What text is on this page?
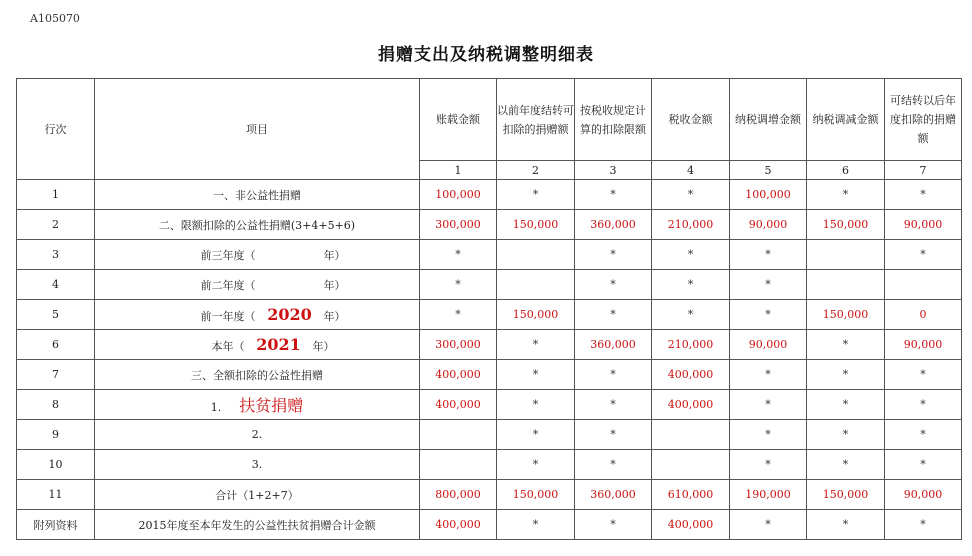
A105070
捐赠支出及纳税调整明细表
行次	项目	账载金额	以前年度结转可扣除的捐赠额	按税收规定计算的扣除限额	税收金额	纳税调增金额	纳税调减金额	可结转以后年度扣除的捐赠额
		1	2	3	4	5	6	7
1	一、非公益性捐赠	100,000	*	*	*	100,000	*	*
2	二、限额扣除的公益性捐赠(3+4+5+6)	300,000	150,000	360,000	210,000	90,000	150,000	90,000
3	前三年度（ 年）	*		*	*	*		*
4	前二年度（ 年）	*		*	*	*		
5	前一年度（ 2020 年）	*	150,000	*	*	*	150,000	0
6	本年（ 2021 年）	300,000	*	360,000	210,000	90,000	*	90,000
7	三、全额扣除的公益性捐赠	400,000	*	*	400,000	*	*	*
8	1. 扶贫捐赠	400,000	*	*	400,000	*	*	*
9	2.		*	*		*	*	*
10	3.		*	*		*	*	*
11	合计（1+2+7）	800,000	150,000	360,000	610,000	190,000	150,000	90,000
附列资料	2015年度至本年发生的公益性扶贫捐赠合计金额	400,000	*	*	400,000	*	*	*
